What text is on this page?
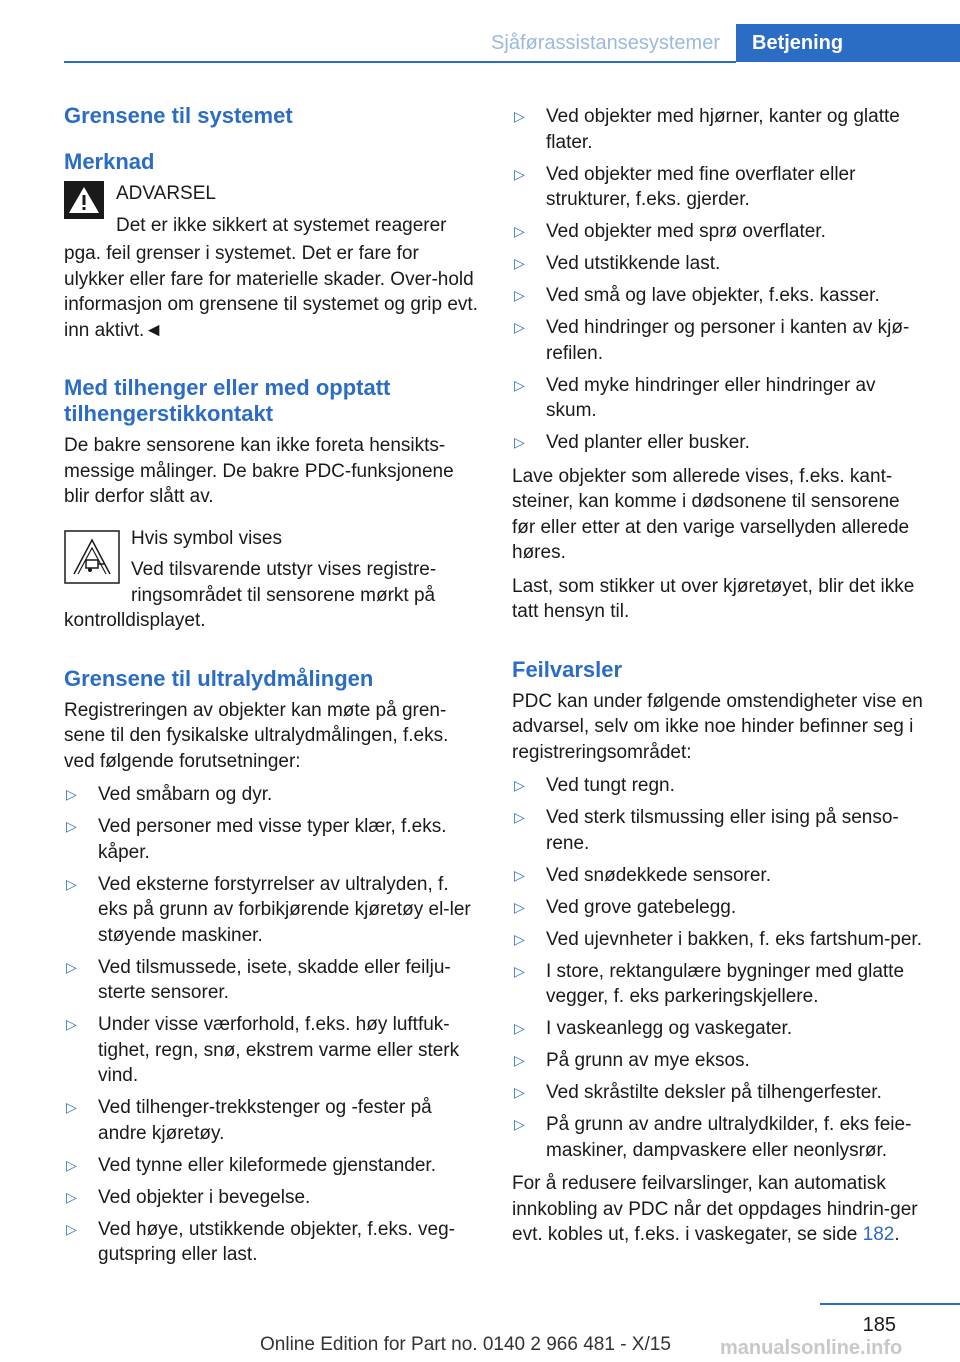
Sjåførassistansesystemer	Betjening
Grensene til systemet
Merknad

ADVARSEL

Det er ikke sikkert at systemet reagerer

pga. feil grenser i systemet. Det er fare for ulykker eller fare for materielle skader. Over-hold informasjon om grensene til systemet og grip evt. inn aktivt.◄

Med tilhenger eller med opptatt tilhengerstikkontakt

De bakre sensorene kan ikke foreta hensikts-messige målinger. De bakre PDC-funksjonene blir derfor slått av.

Hvis symbol vises

Ved tilsvarende utstyr vises registre-ringsområdet til sensorene mørkt på

kontrolldisplayet.

Grensene til ultralydmålingen

Registreringen av objekter kan møte på gren-sene til den fysikalske ultralydmålingen, f.eks. ved følgende forutsetninger:

▷ Ved småbarn og dyr.
▷ Ved personer med visse typer klær, f.eks. kåper.
▷ Ved eksterne forstyrrelser av ultralyden, f. eks på grunn av forbikjørende kjøretøy el-ler støyende maskiner.
▷ Ved tilsmussede, isete, skadde eller feilju-sterte sensorer.
▷ Under visse værforhold, f.eks. høy luftfuk-tighet, regn, snø, ekstrem varme eller sterk vind.
▷ Ved tilhenger-trekkstenger og -fester på andre kjøretøy.
▷ Ved tynne eller kileformede gjenstander.
▷ Ved objekter i bevegelse.
▷ Ved høye, utstikkende objekter, f.eks. veg-gutspring eller last.
▷ Ved objekter med hjørner, kanter og glatte flater.
▷ Ved objekter med fine overflater eller strukturer, f.eks. gjerder.
▷ Ved objekter med sprø overflater.
▷ Ved utstikkende last.
▷ Ved små og lave objekter, f.eks. kasser.
▷ Ved hindringer og personer i kanten av kjø-refilen.
▷ Ved myke hindringer eller hindringer av skum.
▷ Ved planter eller busker.

Lave objekter som allerede vises, f.eks. kant-steiner, kan komme i dødsonene til sensorene før eller etter at den varige varsellyden allerede høres.

Last, som stikker ut over kjøretøyet, blir det ikke tatt hensyn til.

Feilvarsler

PDC kan under følgende omstendigheter vise en advarsel, selv om ikke noe hinder befinner seg i registreringsområdet:

▷ Ved tungt regn.
▷ Ved sterk tilsmussing eller ising på senso-rene.
▷ Ved snødekkede sensorer.
▷ Ved grove gatebelegg.
▷ Ved ujevnheter i bakken, f. eks fartshum-per.
▷ I store, rektangulære bygninger med glatte vegger, f. eks parkeringskjellere.
▷ I vaskeanlegg og vaskegater.
▷ På grunn av mye eksos.
▷ Ved skråstilte deksler på tilhengerfester.
▷ På grunn av andre ultralydkilder, f. eks feie-maskiner, dampvaskere eller neonlysrør.

For å redusere feilvarslinger, kan automatisk innkobling av PDC når det oppdages hindrin-ger evt. kobles ut, f.eks. i vaskegater, se side 182.

185
Online Edition for Part no. 0140 2 966 481 - X/15 manualsonline.info
